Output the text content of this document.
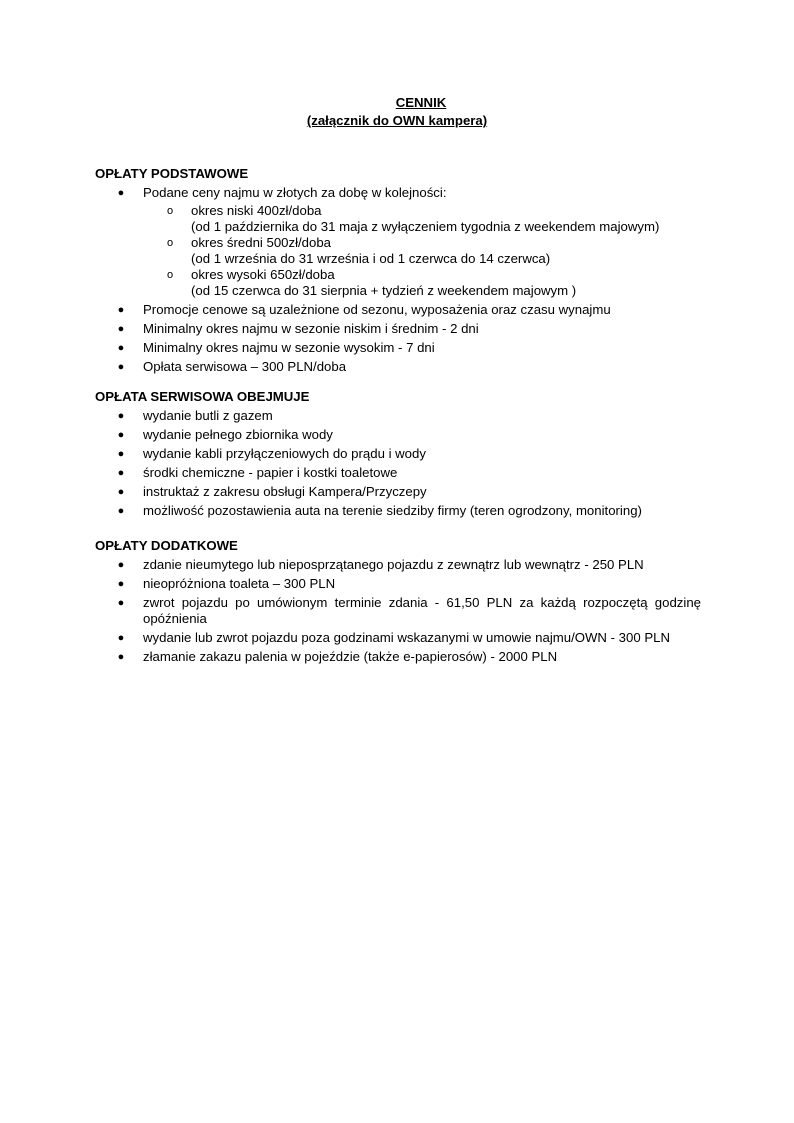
CENNIK
(załącznik do OWN kampera)
OPŁATY PODSTAWOWE
● Podane ceny najmu w złotych za dobę w kolejności:
o okres niski 400zł/doba
(od 1 października do 31 maja z wyłączeniem tygodnia z weekendem majowym)
o okres średni 500zł/doba
(od 1 września do 31 września i od 1 czerwca do 14 czerwca)
o okres wysoki 650zł/doba
(od 15 czerwca do 31 sierpnia + tydzień z weekendem majowym )
● Promocje cenowe są uzależnione od sezonu, wyposażenia oraz czasu wynajmu
● Minimalny okres najmu w sezonie niskim i średnim - 2 dni
● Minimalny okres najmu w sezonie wysokim - 7 dni
● Opłata serwisowa – 300 PLN/doba
OPŁATA SERWISOWA OBEJMUJE
● wydanie butli z gazem
● wydanie pełnego zbiornika wody
● wydanie kabli przyłączeniowych do prądu i wody
● środki chemiczne - papier i kostki toaletowe
● instruktaż z zakresu obsługi Kampera/Przyczepy
● możliwość pozostawienia auta na terenie siedziby firmy (teren ogrodzony, monitoring)
OPŁATY DODATKOWE
● zdanie nieumytego lub nieposprzątanego pojazdu z zewnątrz lub wewnątrz - 250 PLN
● nieopróżniona toaleta – 300 PLN
● zwrot pojazdu po umówionym terminie zdania - 61,50 PLN za każdą rozpoczętą godzinę opóźnienia
● wydanie lub zwrot pojazdu poza godzinami wskazanymi w umowie najmu/OWN - 300 PLN
● złamanie zakazu palenia w pojeździe (także e-papierosów) - 2000 PLN
